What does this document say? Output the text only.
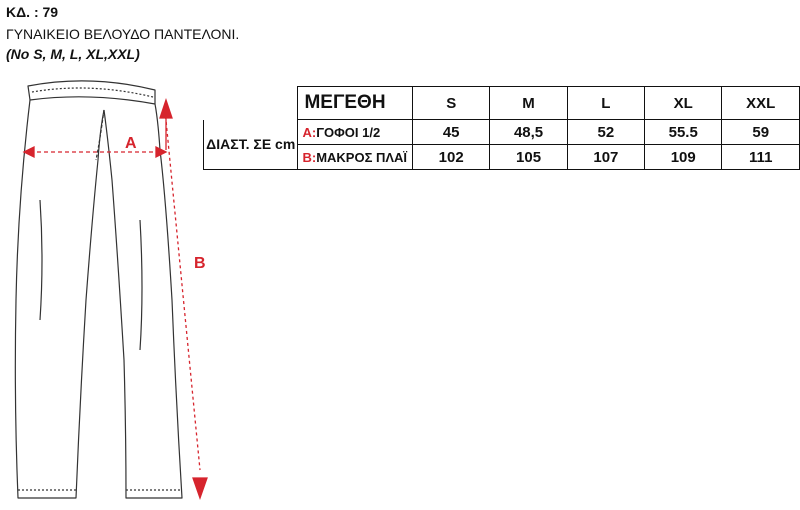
ΚΔ. : 79
ΓΥΝΑΙΚΕΙΟ ΒΕΛΟΥΔΟ ΠΑΝΤΕΛΟΝΙ.
(No S, M, L, XL,XXL)
A
B
	ΜΕΓΕΘΗ	S	M	L	XL	XXL
ΔΙΑΣΤ. ΣΕ cm	A:ΓΟΦΟΙ 1/2	45	48,5	52	55.5	59
	B:ΜΑΚΡΟΣ ΠΛΑΪ	102	105	107	109	111
